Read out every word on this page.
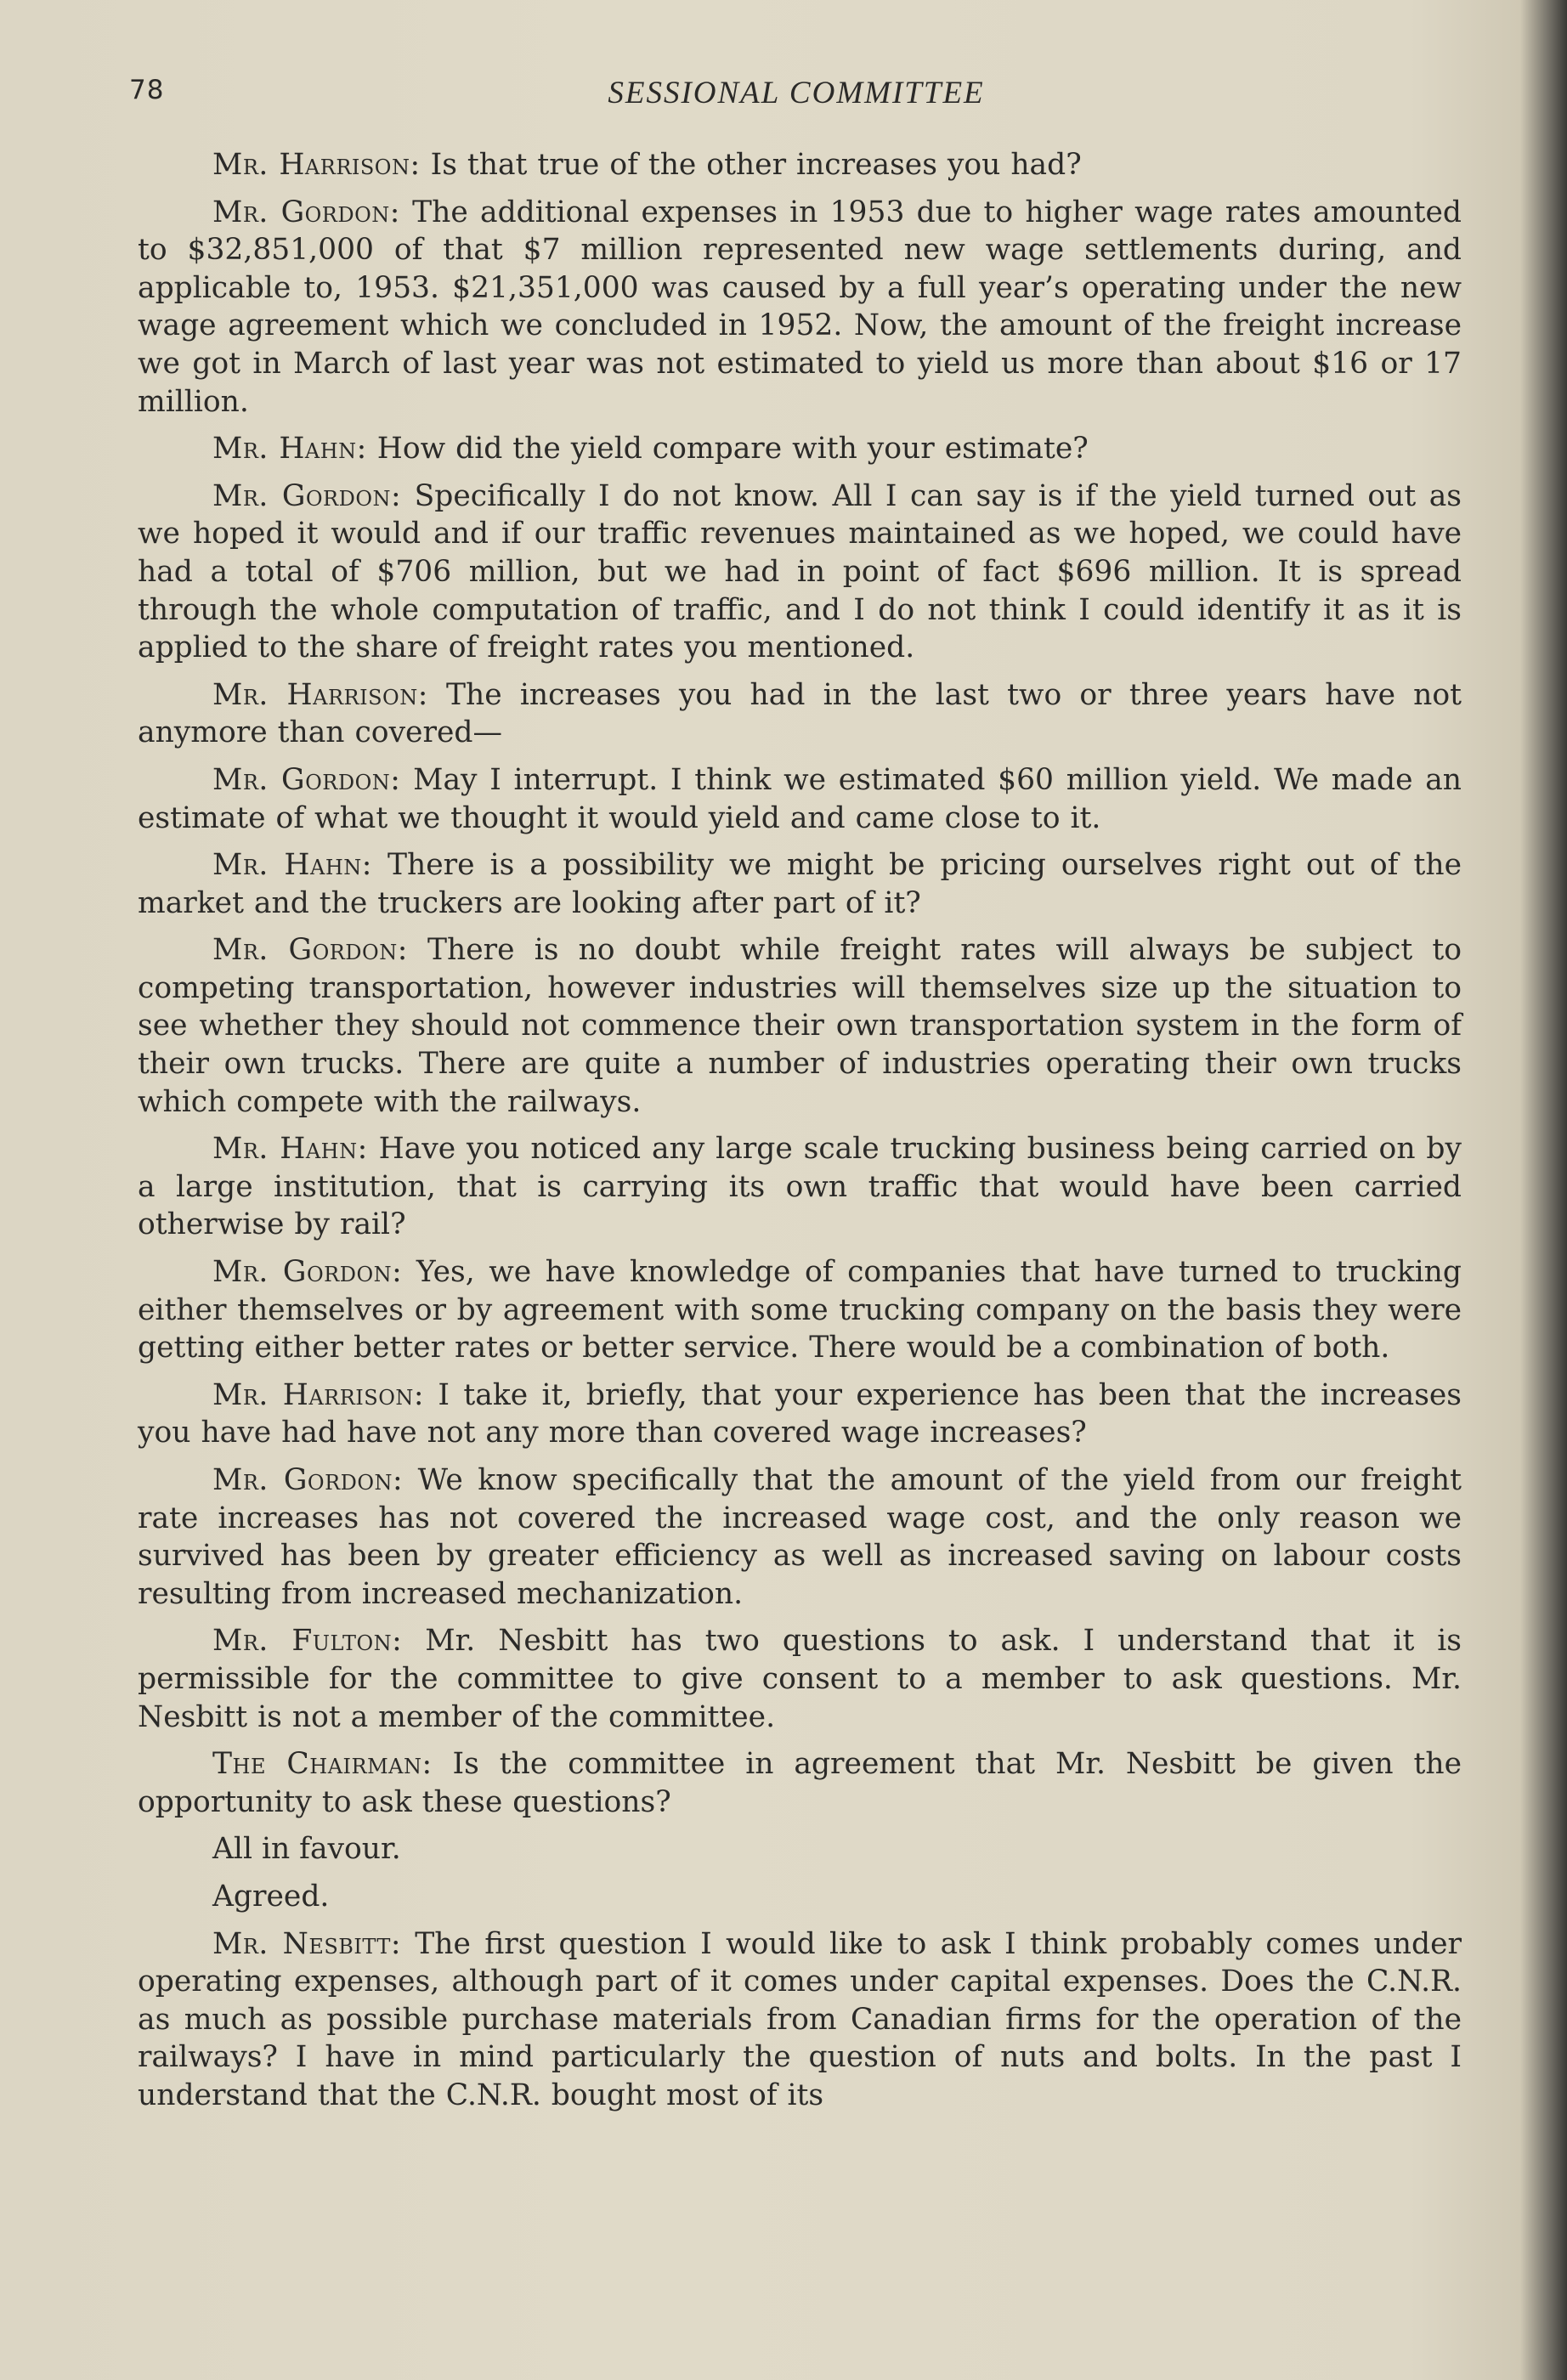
78	SESSIONAL COMMITTEE

Mr. Harrison: Is that true of the other increases you had?

Mr. Gordon: The additional expenses in 1953 due to higher wage rates amounted to $32,851,000 of that $7 million represented new wage settlements during, and applicable to, 1953. $21,351,000 was caused by a full year’s operating under the new wage agreement which we concluded in 1952. Now, the amount of the freight increase we got in March of last year was not estimated to yield us more than about $16 or 17 million.

Mr. Hahn: How did the yield compare with your estimate?

Mr. Gordon: Specifically I do not know. All I can say is if the yield turned out as we hoped it would and if our traffic revenues maintained as we hoped, we could have had a total of $706 million, but we had in point of fact $696 million. It is spread through the whole computation of traffic, and I do not think I could identify it as it is applied to the share of freight rates you mentioned.

Mr. Harrison: The increases you had in the last two or three years have not anymore than covered—

Mr. Gordon: May I interrupt. I think we estimated $60 million yield. We made an estimate of what we thought it would yield and came close to it.

Mr. Hahn: There is a possibility we might be pricing ourselves right out of the market and the truckers are looking after part of it?

Mr. Gordon: There is no doubt while freight rates will always be subject to competing transportation, however industries will themselves size up the situation to see whether they should not commence their own transportation system in the form of their own trucks. There are quite a number of industries operating their own trucks which compete with the railways.

Mr. Hahn: Have you noticed any large scale trucking business being carried on by a large institution, that is carrying its own traffic that would have been carried otherwise by rail?

Mr. Gordon: Yes, we have knowledge of companies that have turned to trucking either themselves or by agreement with some trucking company on the basis they were getting either better rates or better service. There would be a combination of both.

Mr. Harrison: I take it, briefly, that your experience has been that the increases you have had have not any more than covered wage increases?

Mr. Gordon: We know specifically that the amount of the yield from our freight rate increases has not covered the increased wage cost, and the only reason we survived has been by greater efficiency as well as increased saving on labour costs resulting from increased mechanization.

Mr. Fulton: Mr. Nesbitt has two questions to ask. I understand that it is permissible for the committee to give consent to a member to ask questions. Mr. Nesbitt is not a member of the committee.

The Chairman: Is the committee in agreement that Mr. Nesbitt be given the opportunity to ask these questions?

All in favour.

Agreed.

Mr. Nesbitt: The first question I would like to ask I think probably comes under operating expenses, although part of it comes under capital expenses. Does the C.N.R. as much as possible purchase materials from Canadian firms for the operation of the railways? I have in mind particularly the question of nuts and bolts. In the past I understand that the C.N.R. bought most of its
